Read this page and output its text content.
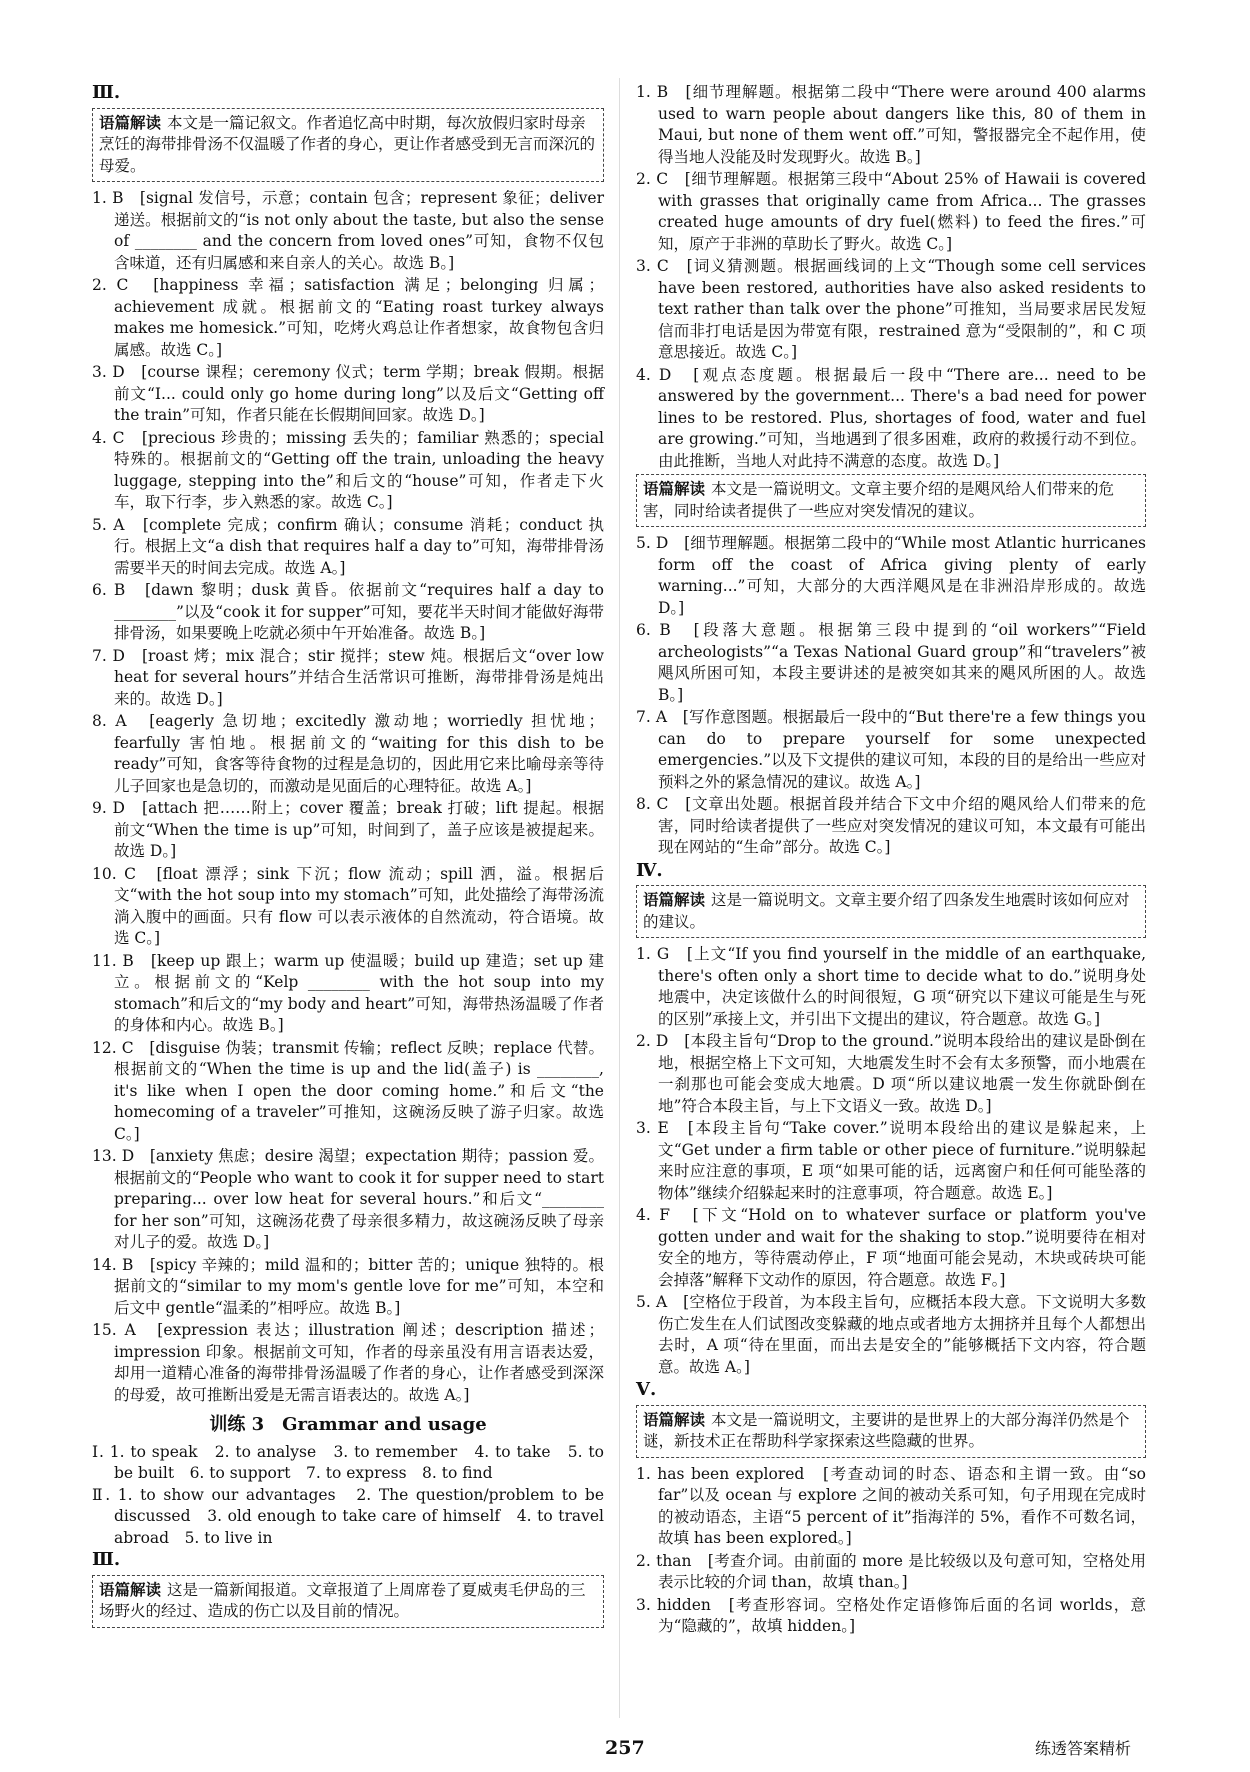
Ⅲ.
语篇解读 本文是一篇记叙文。作者追忆高中时期，每次放假归家时母亲烹饪的海带排骨汤不仅温暖了作者的身心，更让作者感受到无言而深沉的母爱。
1. B　[signal 发信号，示意；contain 包含；represent 象征；deliver 递送。根据前文的“is not only about the taste, but also the sense of ________ and the concern from loved ones”可知，食物不仅包含味道，还有归属感和来自亲人的关心。故选 B。]
2. C　[happiness 幸福；satisfaction 满足；belonging 归属；achievement 成就。根据前文的“Eating roast turkey always makes me homesick.”可知，吃烤火鸡总让作者想家，故食物包含归属感。故选 C。]
3. D　[course 课程；ceremony 仪式；term 学期；break 假期。根据前文“I... could only go home during long”以及后文“Getting off the train”可知，作者只能在长假期间回家。故选 D。]
4. C　[precious 珍贵的；missing 丢失的；familiar 熟悉的；special 特殊的。根据前文的“Getting off the train, unloading the heavy luggage, stepping into the”和后文的“house”可知，作者走下火车，取下行李，步入熟悉的家。故选 C。]
5. A　[complete 完成；confirm 确认；consume 消耗；conduct 执行。根据上文“a dish that requires half a day to”可知，海带排骨汤需要半天的时间去完成。故选 A。]
6. B　[dawn 黎明；dusk 黄昏。依据前文“requires half a day to ________”以及“cook it for supper”可知，要花半天时间才能做好海带排骨汤，如果要晚上吃就必须中午开始准备。故选 B。]
7. D　[roast 烤；mix 混合；stir 搅拌；stew 炖。根据后文“over low heat for several hours”并结合生活常识可推断，海带排骨汤是炖出来的。故选 D。]
8. A　[eagerly 急切地；excitedly 激动地；worriedly 担忧地；fearfully 害怕地。根据前文的“waiting for this dish to be ready”可知，食客等待食物的过程是急切的，因此用它来比喻母亲等待儿子回家也是急切的，而激动是见面后的心理特征。故选 A。]
9. D　[attach 把……附上；cover 覆盖；break 打破；lift 提起。根据前文“When the time is up”可知，时间到了，盖子应该是被提起来。故选 D。]
10. C　[float 漂浮；sink 下沉；flow 流动；spill 洒，溢。根据后文“with the hot soup into my stomach”可知，此处描绘了海带汤流淌入腹中的画面。只有 flow 可以表示液体的自然流动，符合语境。故选 C。]
11. B　[keep up 跟上；warm up 使温暖；build up 建造；set up 建立。根据前文的“Kelp ________ with the hot soup into my stomach”和后文的“my body and heart”可知，海带热汤温暖了作者的身体和内心。故选 B。]
12. C　[disguise 伪装；transmit 传输；reflect 反映；replace 代替。根据前文的“When the time is up and the lid(盖子) is ________, it's like when I open the door coming home.”和后文“the homecoming of a traveler”可推知，这碗汤反映了游子归家。故选 C。]
13. D　[anxiety 焦虑；desire 渴望；expectation 期待；passion 爱。根据前文的“People who want to cook it for supper need to start preparing... over low heat for several hours.”和后文“________ for her son”可知，这碗汤花费了母亲很多精力，故这碗汤反映了母亲对儿子的爱。故选 D。]
14. B　[spicy 辛辣的；mild 温和的；bitter 苦的；unique 独特的。根据前文的“similar to my mom's gentle love for me”可知，本空和后文中 gentle“温柔的”相呼应。故选 B。]
15. A　[expression 表达；illustration 阐述；description 描述；impression 印象。根据前文可知，作者的母亲虽没有用言语表达爱，却用一道精心准备的海带排骨汤温暖了作者的身心，让作者感受到深深的母爱，故可推断出爱是无需言语表达的。故选 A。]
训练 3　Grammar and usage
Ⅰ. 1. to speak　2. to analyse　3. to remember　4. to take　5. to be built　6. to support　7. to express　8. to find
Ⅱ. 1. to show our advantages　2. The question/problem to be discussed　3. old enough to take care of himself　4. to travel abroad　5. to live in
Ⅲ.
语篇解读 这是一篇新闻报道。文章报道了上周席卷了夏威夷毛伊岛的三场野火的经过、造成的伤亡以及目前的情况。
1. B　[细节理解题。根据第二段中“There were around 400 alarms used to warn people about dangers like this, 80 of them in Maui, but none of them went off.”可知，警报器完全不起作用，使得当地人没能及时发现野火。故选 B。]
2. C　[细节理解题。根据第三段中“About 25% of Hawaii is covered with grasses that originally came from Africa... The grasses created huge amounts of dry fuel(燃料) to feed the fires.”可知，原产于非洲的草助长了野火。故选 C。]
3. C　[词义猜测题。根据画线词的上文“Though some cell services have been restored, authorities have also asked residents to text rather than talk over the phone”可推知，当局要求居民发短信而非打电话是因为带宽有限，restrained 意为“受限制的”，和 C 项意思接近。故选 C。]
4. D　[观点态度题。根据最后一段中“There are... need to be answered by the government... There's a bad need for power lines to be restored. Plus, shortages of food, water and fuel are growing.”可知，当地遇到了很多困难，政府的救援行动不到位。由此推断，当地人对此持不满意的态度。故选 D。]
语篇解读 本文是一篇说明文。文章主要介绍的是飓风给人们带来的危害，同时给读者提供了一些应对突发情况的建议。
5. D　[细节理解题。根据第二段中的“While most Atlantic hurricanes form off the coast of Africa giving plenty of early warning...”可知，大部分的大西洋飓风是在非洲沿岸形成的。故选 D。]
6. B　[段落大意题。根据第三段中提到的“oil workers”“Field archeologists”“a Texas National Guard group”和“travelers”被飓风所困可知，本段主要讲述的是被突如其来的飓风所困的人。故选 B。]
7. A　[写作意图题。根据最后一段中的“But there're a few things you can do to prepare yourself for some unexpected emergencies.”以及下文提供的建议可知，本段的目的是给出一些应对预料之外的紧急情况的建议。故选 A。]
8. C　[文章出处题。根据首段并结合下文中介绍的飓风给人们带来的危害，同时给读者提供了一些应对突发情况的建议可知，本文最有可能出现在网站的“生命”部分。故选 C。]
Ⅳ.
语篇解读 这是一篇说明文。文章主要介绍了四条发生地震时该如何应对的建议。
1. G　[上文“If you find yourself in the middle of an earthquake, there's often only a short time to decide what to do.”说明身处地震中，决定该做什么的时间很短，G 项“研究以下建议可能是生与死的区别”承接上文，并引出下文提出的建议，符合题意。故选 G。]
2. D　[本段主旨句“Drop to the ground.”说明本段给出的建议是卧倒在地，根据空格上下文可知，大地震发生时不会有太多预警，而小地震在一刹那也可能会变成大地震。D 项“所以建议地震一发生你就卧倒在地”符合本段主旨，与上下文语义一致。故选 D。]
3. E　[本段主旨句“Take cover.”说明本段给出的建议是躲起来，上文“Get under a firm table or other piece of furniture.”说明躲起来时应注意的事项，E 项“如果可能的话，远离窗户和任何可能坠落的物体”继续介绍躲起来时的注意事项，符合题意。故选 E。]
4. F　[下文“Hold on to whatever surface or platform you've gotten under and wait for the shaking to stop.”说明要待在相对安全的地方，等待震动停止，F 项“地面可能会晃动，木块或砖块可能会掉落”解释下文动作的原因，符合题意。故选 F。]
5. A　[空格位于段首，为本段主旨句，应概括本段大意。下文说明大多数伤亡发生在人们试图改变躲藏的地点或者地方太拥挤并且每个人都想出去时，A 项“待在里面，而出去是安全的”能够概括下文内容，符合题意。故选 A。]
Ⅴ.
语篇解读 本文是一篇说明文，主要讲的是世界上的大部分海洋仍然是个谜，新技术正在帮助科学家探索这些隐藏的世界。
1. has been explored　[考查动词的时态、语态和主谓一致。由“so far”以及 ocean 与 explore 之间的被动关系可知，句子用现在完成时的被动语态，主语“5 percent of it”指海洋的 5%，看作不可数名词，故填 has been explored。]
2. than　[考查介词。由前面的 more 是比较级以及句意可知，空格处用表示比较的介词 than，故填 than。]
3. hidden　[考查形容词。空格处作定语修饰后面的名词 worlds，意为“隐藏的”，故填 hidden。]
257	练透答案精析
